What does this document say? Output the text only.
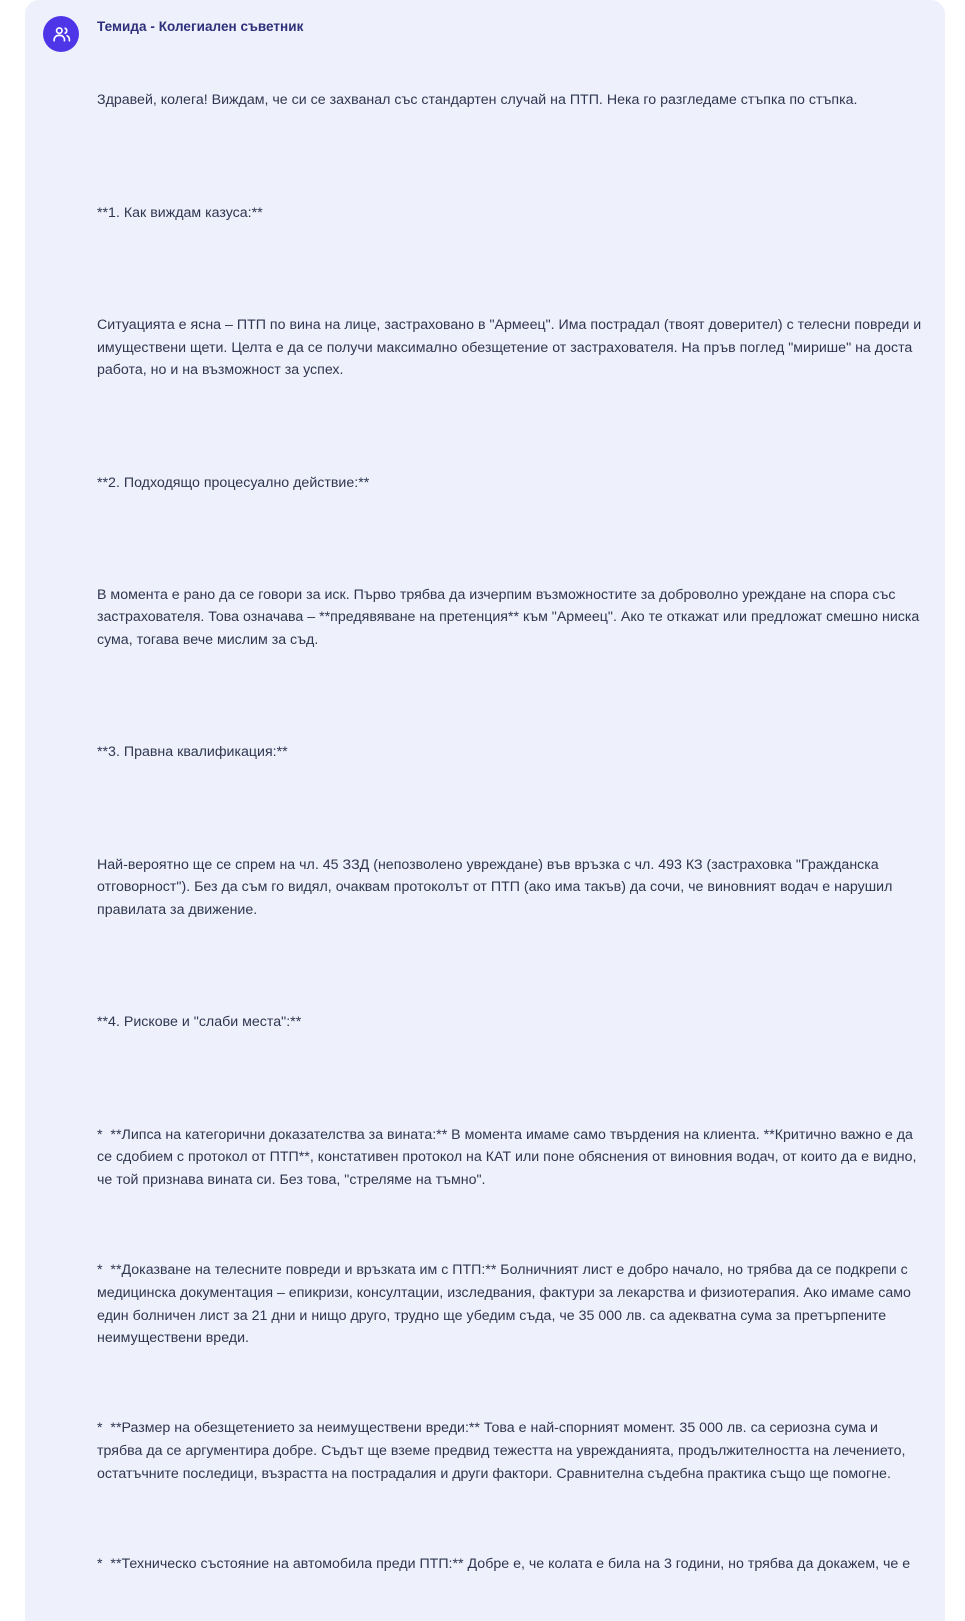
Темида - Колегиален съветник

Здравей, колега! Виждам, че си се захванал със стандартен случай на ПТП. Нека го разгледаме стъпка по стъпка.

**1. Как виждам казуса:**

Ситуацията е ясна – ПТП по вина на лице, застраховано в "Армеец". Има пострадал (твоят доверител) с телесни повреди и имуществени щети. Целта е да се получи максимално обезщетение от застрахователя. На пръв поглед "мирише" на доста работа, но и на възможност за успех.

**2. Подходящо процесуално действие:**

В момента е рано да се говори за иск. Първо трябва да изчерпим възможностите за доброволно уреждане на спора със застрахователя. Това означава – **предявяване на претенция** към "Армеец". Ако те откажат или предложат смешно ниска сума, тогава вече мислим за съд.

**3. Правна квалификация:**

Най-вероятно ще се спрем на чл. 45 ЗЗД (непозволено увреждане) във връзка с чл. 493 КЗ (застраховка "Гражданска отговорност"). Без да съм го видял, очаквам протоколът от ПТП (ако има такъв) да сочи, че виновният водач е нарушил правилата за движение.

**4. Рискове и "слаби места":**

*  **Липса на категорични доказателства за вината:** В момента имаме само твърдения на клиента. **Критично важно е да се сдобием с протокол от ПТП**, констативен протокол на КАТ или поне обяснения от виновния водач, от които да е видно, че той признава вината си. Без това, "стреляме на тъмно".

*  **Доказване на телесните повреди и връзката им с ПТП:** Болничният лист е добро начало, но трябва да се подкрепи с медицинска документация – епикризи, консултации, изследвания, фактури за лекарства и физиотерапия. Ако имаме само един болничен лист за 21 дни и нищо друго, трудно ще убедим съда, че 35 000 лв. са адекватна сума за претърпените неимуществени вреди.

*  **Размер на обезщетението за неимуществени вреди:** Това е най-спорният момент. 35 000 лв. са сериозна сума и трябва да се аргументира добре. Съдът ще вземе предвид тежестта на уврежданията, продължителността на лечението, остатъчните последици, възрастта на пострадалия и други фактори. Сравнителна съдебна практика също ще помогне.

*  **Техническо състояние на автомобила преди ПТП:** Добре е, че колата е била на 3 години, но трябва да докажем, че е
